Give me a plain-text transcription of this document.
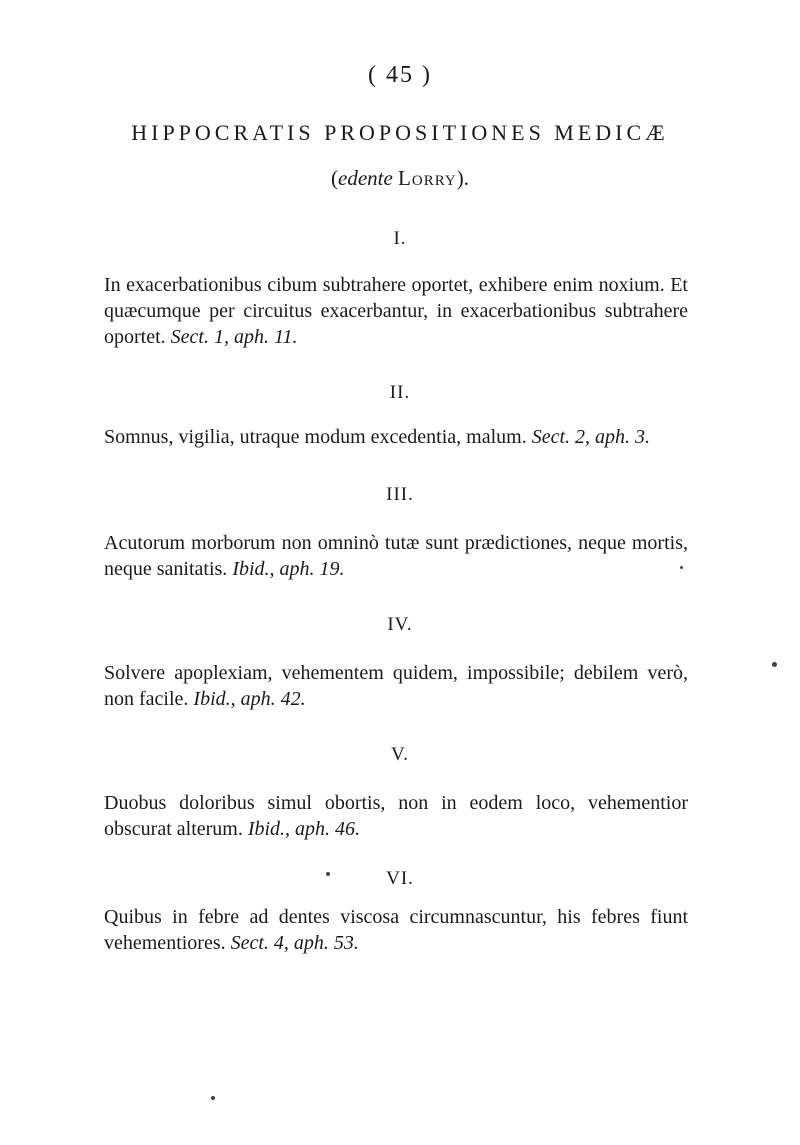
( 45 )
HIPPOCRATIS PROPOSITIONES MEDICÆ
(edente Lorry).
I.
In exacerbationibus cibum subtrahere oportet, exhibere enim noxium. Et quæcumque per circuitus exacerbantur, in exacerbationibus subtrahere oportet. Sect. 1, aph. 11.
II.
Somnus, vigilia, utraque modum excedentia, malum. Sect. 2, aph. 3.
III.
Acutorum morborum non omninò tutæ sunt prædictiones, neque mortis, neque sanitatis. Ibid., aph. 19.
IV.
Solvere apoplexiam, vehementem quidem, impossibile; debilem verò, non facile. Ibid., aph. 42.
V.
Duobus doloribus simul obortis, non in eodem loco, vehementior obscurat alterum. Ibid., aph. 46.
VI.
Quibus in febre ad dentes viscosa circumnascuntur, his febres fiunt vehementiores. Sect. 4, aph. 53.
